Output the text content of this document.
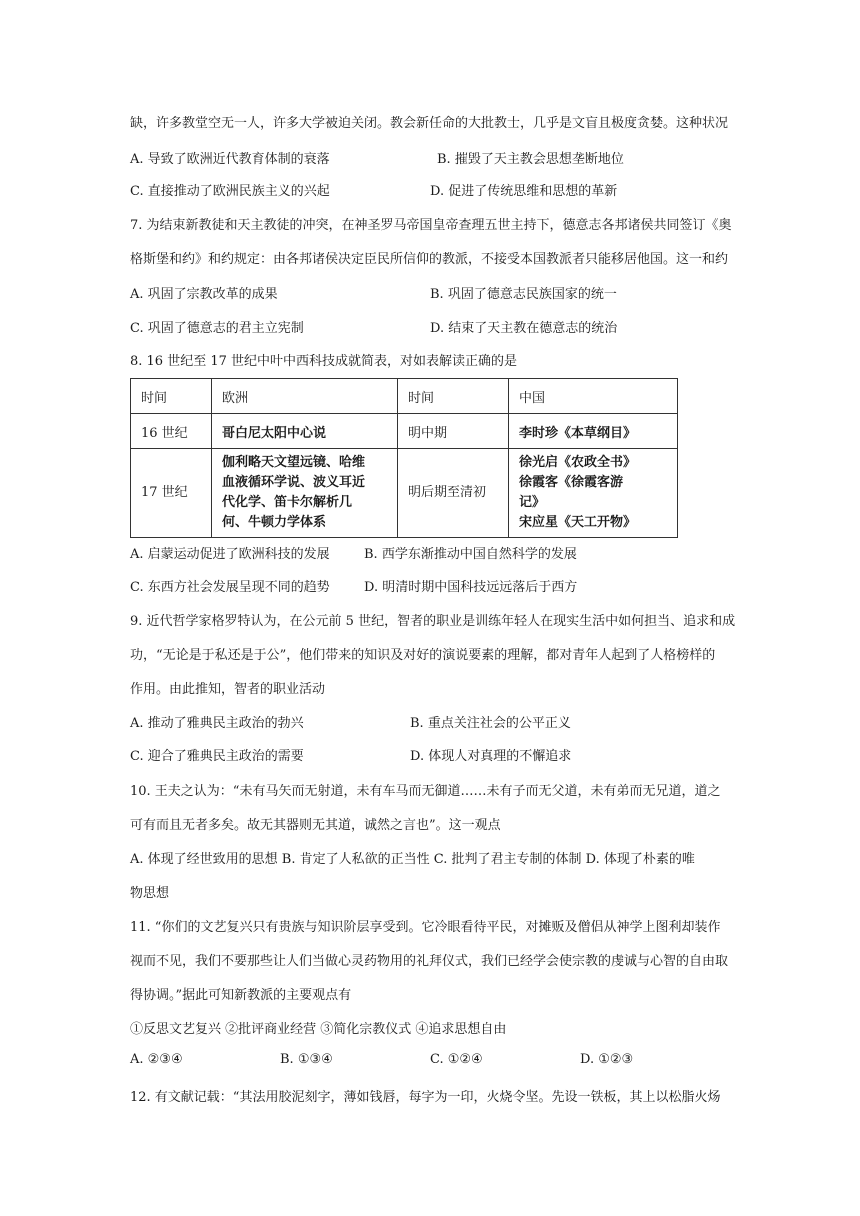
缺，许多教堂空无一人，许多大学被迫关闭。教会新任命的大批教士，几乎是文盲且极度贪婪。这种状况
A. 导致了欧洲近代教育体制的衰落	B. 摧毁了天主教会思想垄断地位
C. 直接推动了欧洲民族主义的兴起	D. 促进了传统思维和思想的革新
7. 为结束新教徒和天主教徒的冲突，在神圣罗马帝国皇帝查理五世主持下，德意志各邦诸侯共同签订《奥
格斯堡和约》和约规定：由各邦诸侯决定臣民所信仰的教派，不接受本国教派者只能移居他国。这一和约
A. 巩固了宗教改革的成果	B. 巩固了德意志民族国家的统一
C. 巩固了德意志的君主立宪制	D. 结束了天主教在德意志的统治
8. 16 世纪至 17 世纪中叶中西科技成就简表，对如表解读正确的是
时间	欧洲	时间	中国
16 世纪	哥白尼太阳中心说	明中期	李时珍《本草纲目》
17 世纪	伽利略天文望远镜、哈维
血液循环学说、波义耳近
代化学、笛卡尔解析几
何、牛顿力学体系	明后期至清初	徐光启《农政全书》
徐霞客《徐霞客游
记》
宋应星《天工开物》
A. 启蒙运动促进了欧洲科技的发展	B. 西学东渐推动中国自然科学的发展
C. 东西方社会发展呈现不同的趋势	D. 明清时期中国科技远远落后于西方
9. 近代哲学家格罗特认为，在公元前 5 世纪，智者的职业是训练年轻人在现实生活中如何担当、追求和成
功，“无论是于私还是于公”，他们带来的知识及对好的演说要素的理解，都对青年人起到了人格榜样的
作用。由此推知，智者的职业活动
A. 推动了雅典民主政治的勃兴	B. 重点关注社会的公平正义
C. 迎合了雅典民主政治的需要	D. 体现人对真理的不懈追求
10. 王夫之认为：“未有马矢而无射道，未有车马而无御道……未有子而无父道，未有弟而无兄道，道之
可有而且无者多矣。故无其器则无其道，诚然之言也”。这一观点
A. 体现了经世致用的思想 B. 肯定了人私欲的正当性 C. 批判了君主专制的体制 D. 体现了朴素的唯
物思想
11. “你们的文艺复兴只有贵族与知识阶层享受到。它冷眼看待平民，对摊贩及僧侣从神学上图利却装作
视而不见，我们不要那些让人们当做心灵药物用的礼拜仪式，我们已经学会使宗教的虔诚与心智的自由取
得协调。”据此可知新教派的主要观点有
①反思文艺复兴 ②批评商业经营 ③简化宗教仪式 ④追求思想自由
A. ②③④	B. ①③④	C. ①②④	D. ①②③
12. 有文献记载：“其法用胶泥刻字，薄如钱唇，每字为一印，火烧令坚。先设一铁板，其上以松脂火炀
